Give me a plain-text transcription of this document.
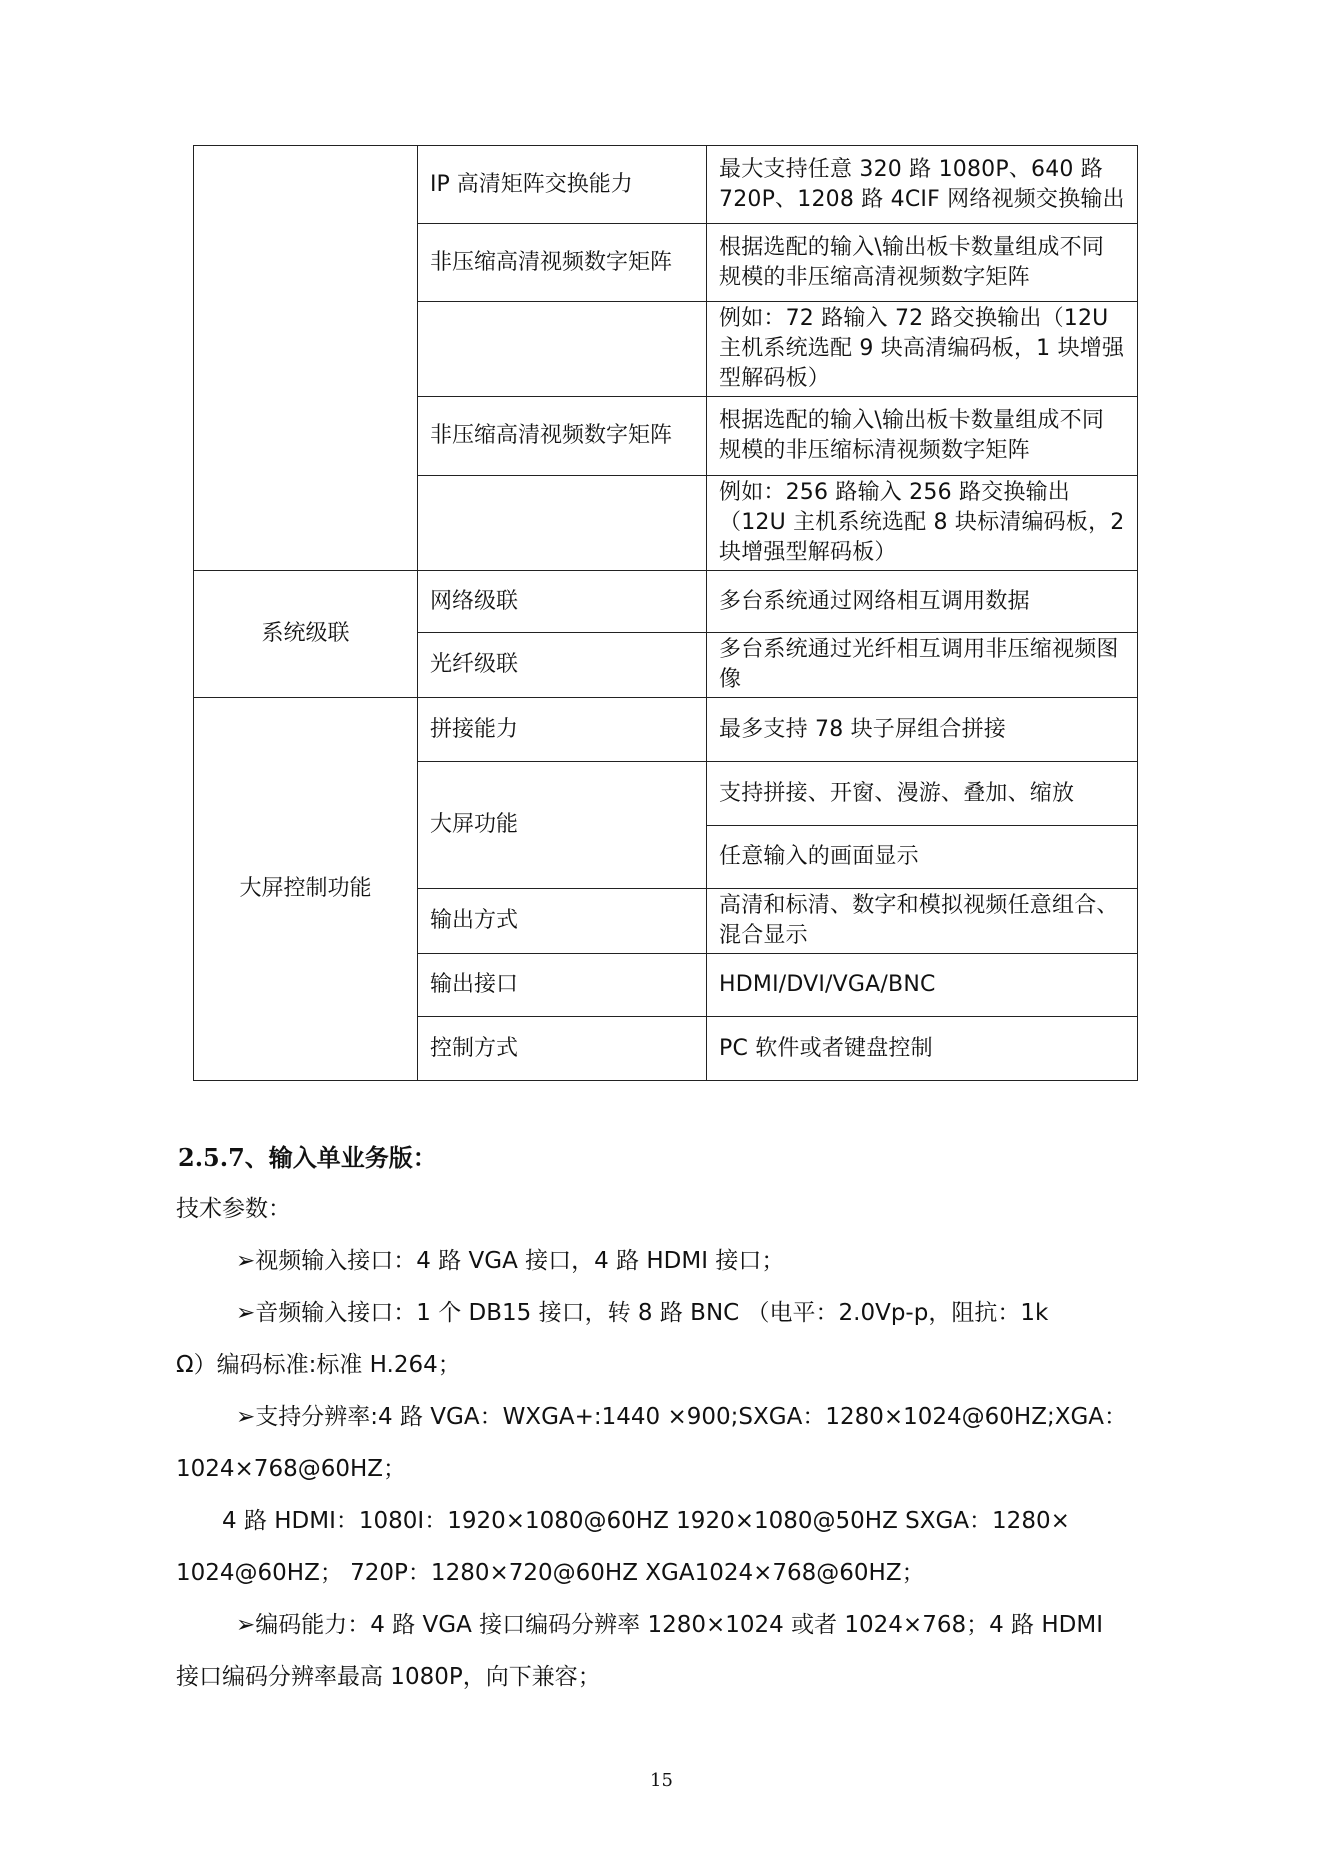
	IP 高清矩阵交换能力	最大支持任意 320 路 1080P、640 路 720P、1208 路 4CIF 网络视频交换输出
	非压缩高清视频数字矩阵	根据选配的输入\输出板卡数量组成不同规模的非压缩高清视频数字矩阵
		例如：72 路输入 72 路交换输出（12U 主机系统选配 9 块高清编码板，1 块增强型解码板）
	非压缩高清视频数字矩阵	根据选配的输入\输出板卡数量组成不同规模的非压缩标清视频数字矩阵
		例如：256 路输入 256 路交换输出（12U 主机系统选配 8 块标清编码板，2 块增强型解码板）
系统级联	网络级联	多台系统通过网络相互调用数据
	光纤级联	多台系统通过光纤相互调用非压缩视频图像
大屏控制功能	拼接能力	最多支持 78 块子屏组合拼接
	大屏功能	支持拼接、开窗、漫游、叠加、缩放
		任意输入的画面显示
	输出方式	高清和标清、数字和模拟视频任意组合、混合显示
	输出接口	HDMI/DVI/VGA/BNC
	控制方式	PC 软件或者键盘控制
2.5.7、输入单业务版：
技术参数：
➢视频输入接口：4 路 VGA 接口，4 路 HDMI 接口；
➢音频输入接口：1 个 DB15 接口，转 8 路 BNC （电平：2.0Vp-p，阻抗：1k
Ω）编码标准:标准 H.264；
➢支持分辨率:4 路 VGA：WXGA+:1440 ×900;SXGA：1280×1024@60HZ;XGA：
1024×768@60HZ；
4 路 HDMI：1080I：1920×1080@60HZ 1920×1080@50HZ SXGA：1280×
1024@60HZ； 720P：1280×720@60HZ XGA1024×768@60HZ；
➢编码能力：4 路 VGA 接口编码分辨率 1280×1024 或者 1024×768；4 路 HDMI
接口编码分辨率最高 1080P，向下兼容；
15
